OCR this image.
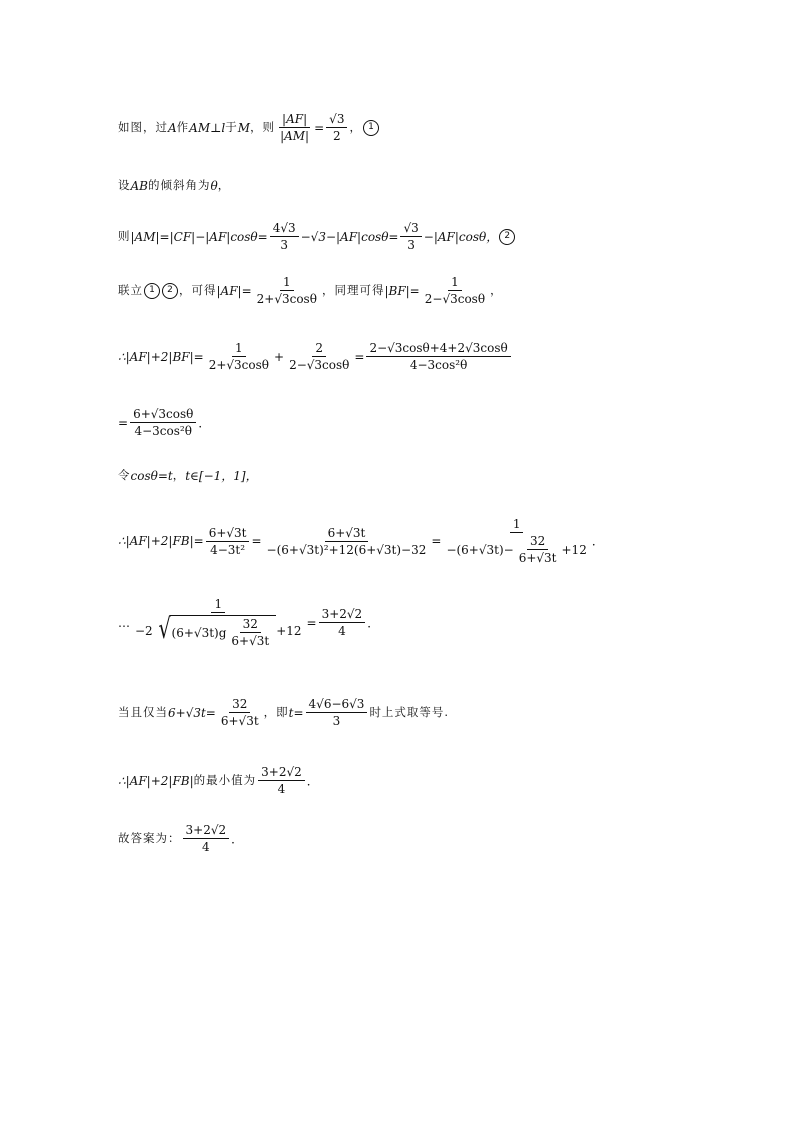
如图，过 A 作 AM ⊥ l 于 M ，则 $\frac{|AF|}{|AM|} = \frac{√3}{2}$ ， 1
设 AB 的倾斜角为 θ ，
则 $|AM|=|CF|-|AF|\cos\theta= \frac{4√3}{3} -√3-|AF|\cos\theta= \frac{√3}{3} -|AF|\cos\theta$， 2
联立 1	2 ，可得 $|AF|= \frac{1}{2+√3\cos\theta}$ ，同理可得 $|BF|= \frac{1}{2-√3\cos\theta}$ ，
∴|AF|+2|BF|= $\frac{1}{2+√3\cos\theta} + \frac{2}{2-√3\cos\theta} = \frac{2-√3\cos\theta+4+2√3\cos\theta}{\text{4−3cos²θ}}$
= $\frac{6+√3\cos\theta}{\text{4−3cos²θ}}$ ．
令 cosθ=t ， t∈[−1，1]，
∴|AF|+2|FB|= $\frac{6+√3t}{\text{4−3t²}} = \frac{6+√3t}{\text{−(6+√3t)²+12(6+√3t)−32}}$ =
1
$-(6+√3t)- \frac{32}{6+√3t} +12$
．
…
1
−2 √ $(6+√3t)g \frac{32}{6+√3t} +12$
= $\frac{3+2√2}{4}$ ．
当且仅当 $6+√3t= \frac{32}{6+√3t}$ ，即 $t= \frac{4√6-6√3}{3}$ 时上式取等号.
∴|AF|+2|FB| 的最小值为 $\frac{3+2√2}{4}$ ．
故答案为： $\frac{3+2√2}{4}$ ．
